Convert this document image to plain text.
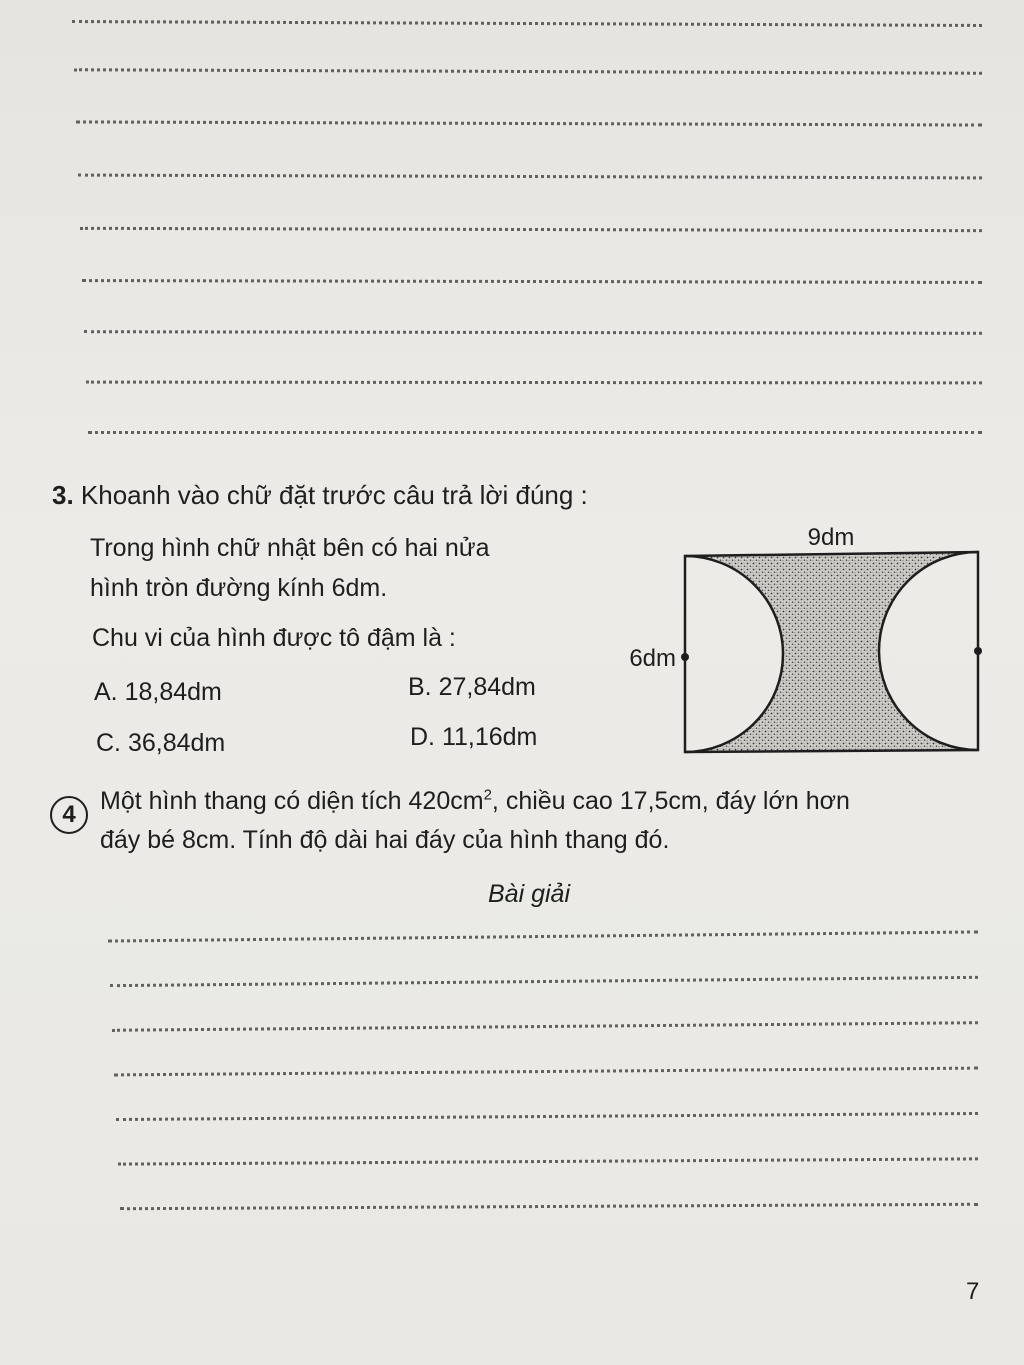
3. Khoanh vào chữ đặt trước câu trả lời đúng :
Trong hình chữ nhật bên có hai nửa
hình tròn đường kính 6dm.
Chu vi của hình được tô đậm là :
A. 18,84dm	B. 27,84dm
C. 36,84dm	D. 11,16dm
9dm
6dm
4 Một hình thang có diện tích $420cm^2$, chiều cao 17,5cm, đáy lớn hơn
đáy bé 8cm. Tính độ dài hai đáy của hình thang đó.
Bài giải
7
